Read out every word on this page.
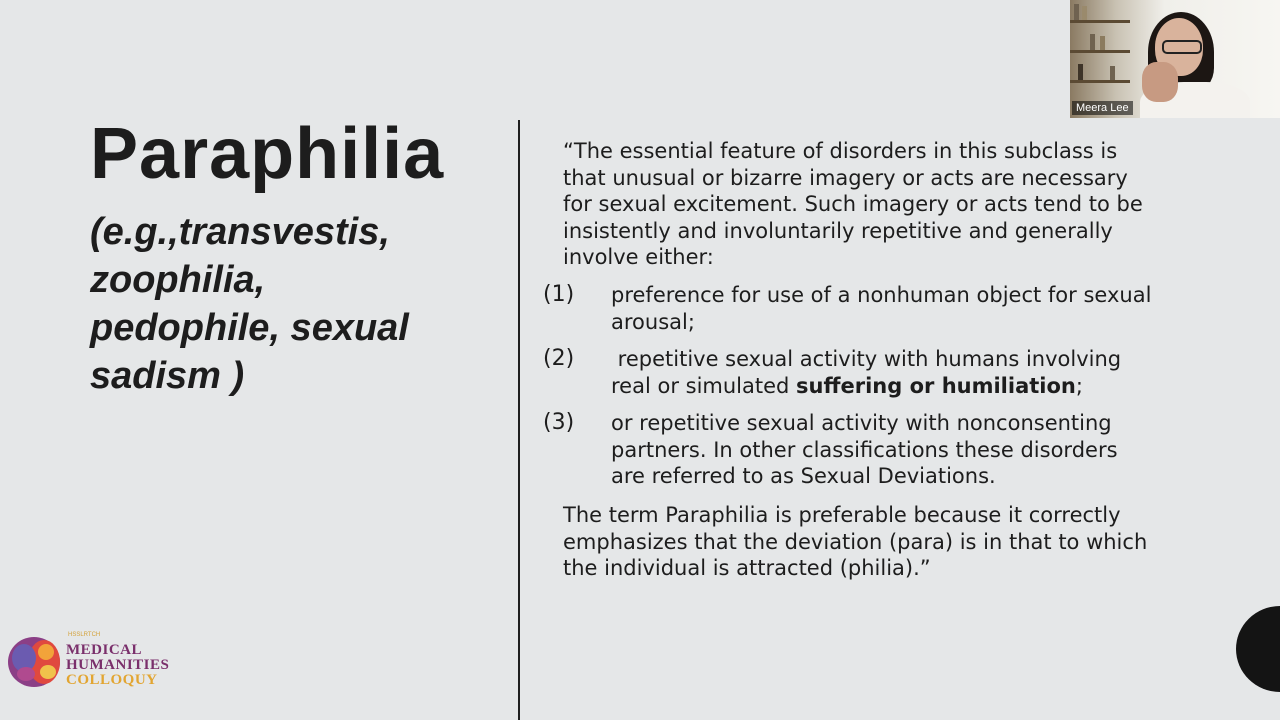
Paraphilia
(e.g.,transvestis,
zoophilia,
pedophile, sexual
sadism )
“The essential feature of disorders in this subclass is
that unusual or bizarre imagery or acts are necessary
for sexual excitement. Such imagery or acts tend to be
insistently and involuntarily repetitive and generally
involve either:
(1) preference for use of a nonhuman object for sexual
arousal;
(2) repetitive sexual activity with humans involving
real or simulated suffering or humiliation;
(3) or repetitive sexual activity with nonconsenting
partners. In other classifications these disorders
are referred to as Sexual Deviations.
The term Paraphilia is preferable because it correctly
emphasizes that the deviation (para) is in that to which
the individual is attracted (philia).”
HSSLRTCH
MEDICAL
HUMANITIES
COLLOQUY
Meera Lee
